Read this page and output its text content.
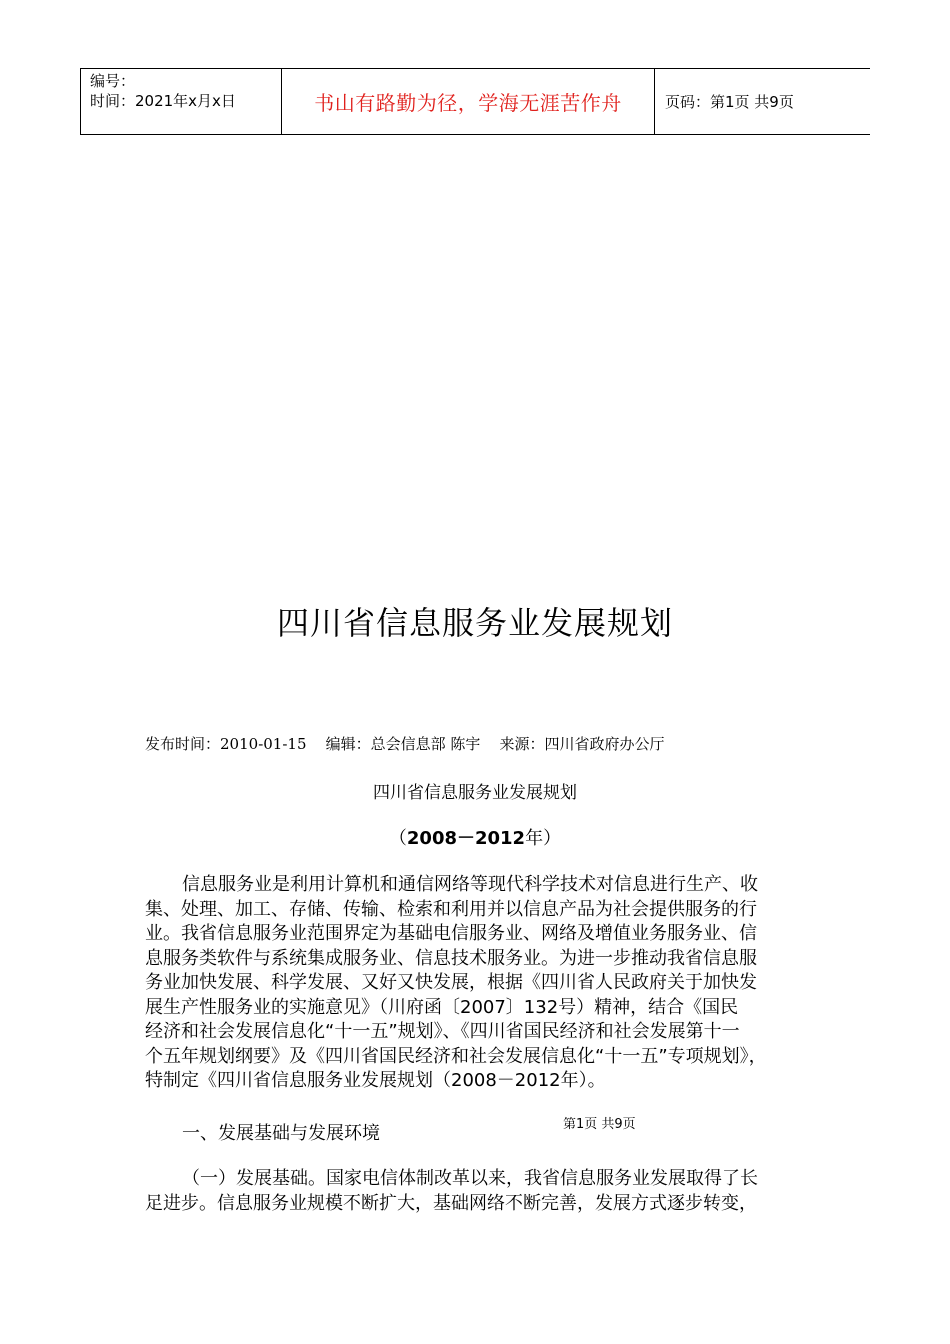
编号：
时间：2021年x月x日	书山有路勤为径，学海无涯苦作舟	页码：第1页 共9页
四川省信息服务业发展规划
发布时间：2010-01-15 编辑：总会信息部 陈宇 来源：四川省政府办公厅
四川省信息服务业发展规划
（2008－2012年）
信息服务业是利用计算机和通信网络等现代科学技术对信息进行生产、收
集、处理、加工、存储、传输、检索和利用并以信息产品为社会提供服务的行
业。我省信息服务业范围界定为基础电信服务业、网络及增值业务服务业、信
息服务类软件与系统集成服务业、信息技术服务业。为进一步推动我省信息服
务业加快发展、科学发展、又好又快发展，根据《四川省人民政府关于加快发
展生产性服务业的实施意见》（川府函〔2007〕132号）精神，结合《国民
经济和社会发展信息化“十一五”规划》、《四川省国民经济和社会发展第十一
个五年规划纲要》及《四川省国民经济和社会发展信息化“十一五”专项规划》，
特制定《四川省信息服务业发展规划（2008－2012年）。
一、发展基础与发展环境	第1页 共9页
（一）发展基础。国家电信体制改革以来，我省信息服务业发展取得了长
足进步。信息服务业规模不断扩大，基础网络不断完善，发展方式逐步转变，
